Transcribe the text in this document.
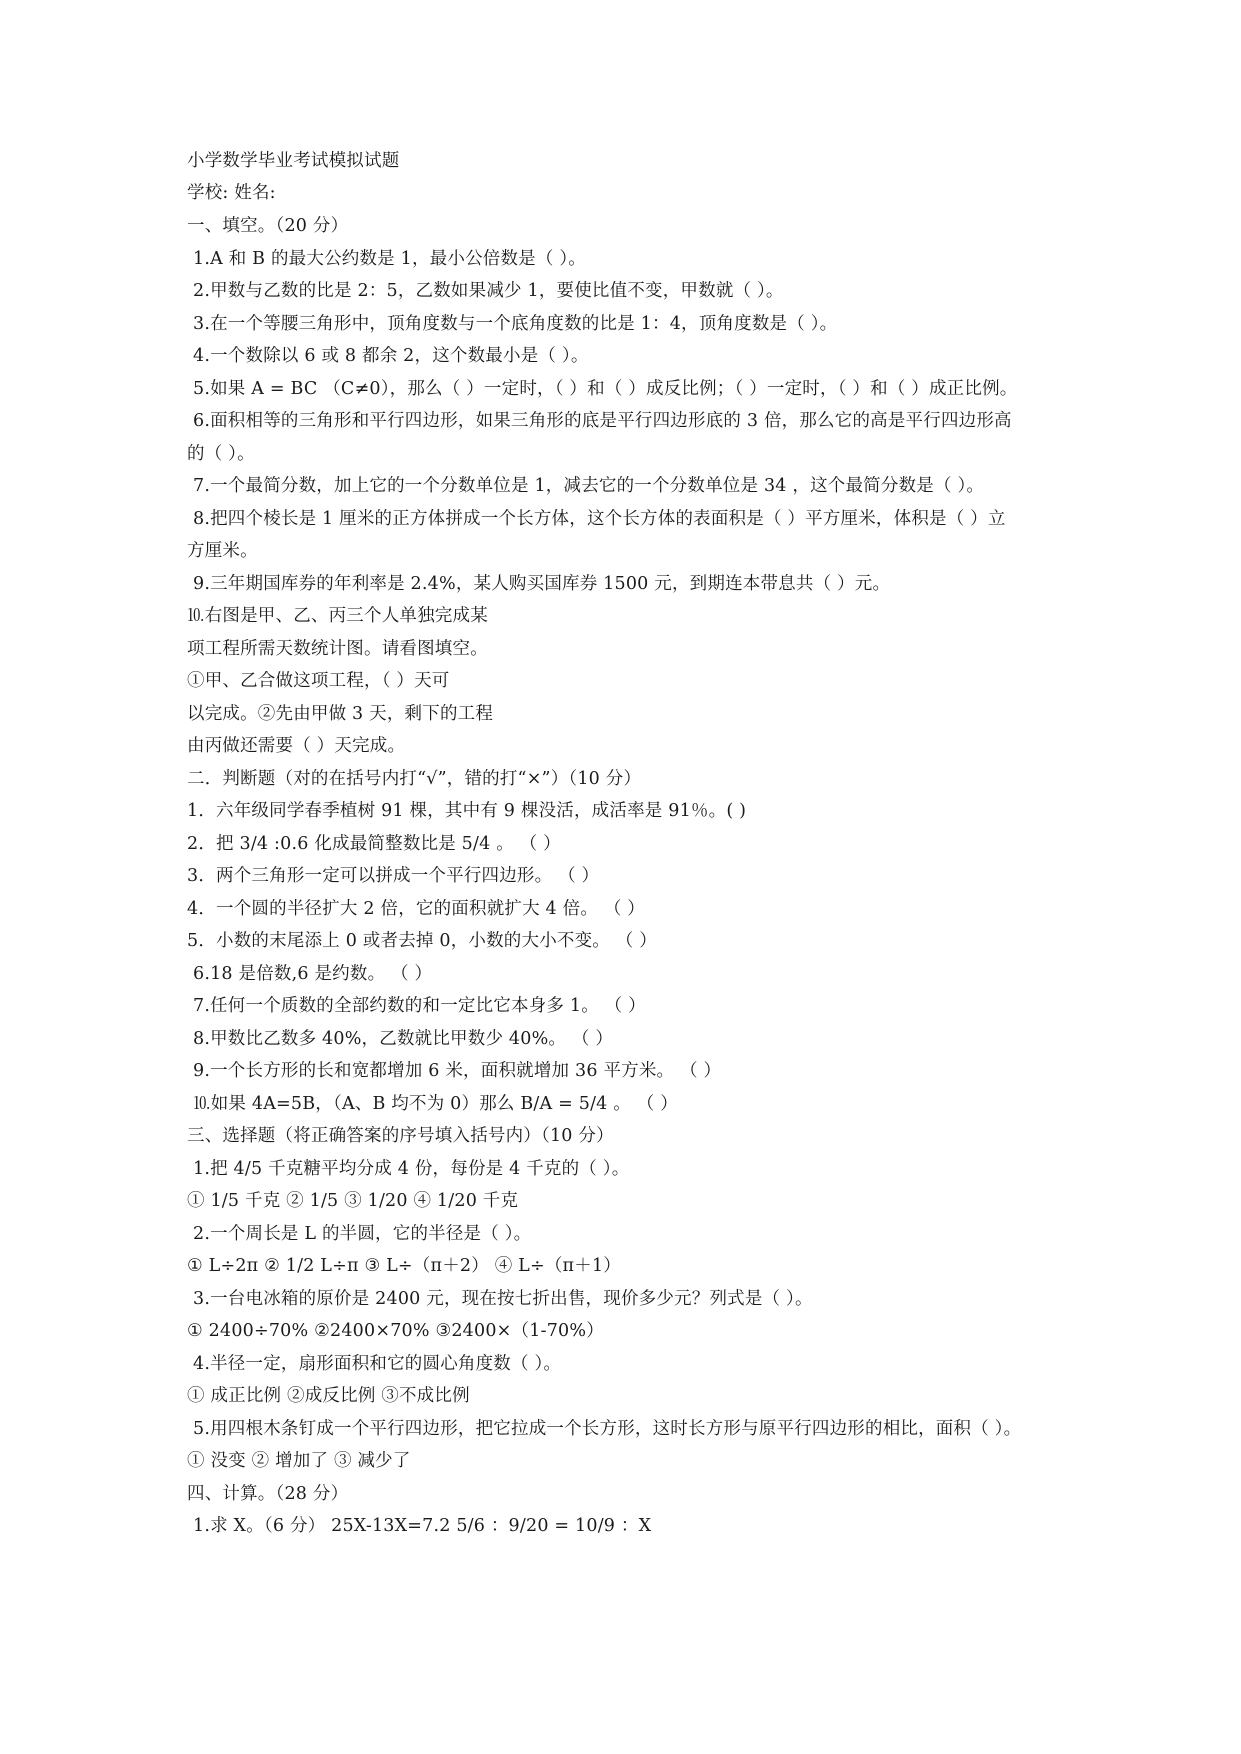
小学数学毕业考试模拟试题
学校: 姓名:
一、填空。（20 分）
1.A 和 B 的最大公约数是 1，最小公倍数是（ ）。
2.甲数与乙数的比是 2：5，乙数如果减少 1，要使比值不变，甲数就（ ）。
3.在一个等腰三角形中，顶角度数与一个底角度数的比是 1：4，顶角度数是（ ）。
4.一个数除以 6 或 8 都余 2，这个数最小是（ ）。
5.如果 A = BC （C≠0），那么（ ）一定时，（ ）和（ ）成反比例；（ ）一定时，（ ）和（ ）成正比例。
6.面积相等的三角形和平行四边形，如果三角形的底是平行四边形底的 3 倍，那么它的高是平行四边形高
的（ ）。
7.一个最简分数，加上它的一个分数单位是 1，减去它的一个分数单位是 34 ，这个最简分数是（ ）。
8.把四个棱长是 1 厘米的正方体拼成一个长方体，这个长方体的表面积是（ ）平方厘米，体积是（ ）立
方厘米。
9.三年期国库券的年利率是 2.4%，某人购买国库券 1500 元，到期连本带息共（ ）元。
⒑右图是甲、乙、丙三个人单独完成某
项工程所需天数统计图。请看图填空。
①甲、乙合做这项工程，（ ）天可
以完成。②先由甲做 3 天，剩下的工程
由丙做还需要（ ）天完成。
二．判断题（对的在括号内打“√”，错的打“×”）（10 分）
1．六年级同学春季植树 91 棵，其中有 9 棵没活，成活率是 91％。( )
2．把 3/4 :0.6 化成最简整数比是 5/4 。 （ ）
3．两个三角形一定可以拼成一个平行四边形。 （ ）
4．一个圆的半径扩大 2 倍，它的面积就扩大 4 倍。 （ ）
5．小数的末尾添上 0 或者去掉 0，小数的大小不变。 （ ）
6.18 是倍数,6 是约数。 （ ）
7.任何一个质数的全部约数的和一定比它本身多 1。 （ ）
8.甲数比乙数多 40%，乙数就比甲数少 40%。 （ ）
9.一个长方形的长和宽都增加 6 米，面积就增加 36 平方米。 （ ）
⒑如果 4A=5B，（A、B 均不为 0）那么 B/A = 5/4 。 （ ）
三、选择题（将正确答案的序号填入括号内）（10 分）
1.把 4/5 千克糖平均分成 4 份，每份是 4 千克的（ ）。
① 1/5 千克 ② 1/5 ③ 1/20 ④ 1/20 千克
2.一个周长是 L 的半圆，它的半径是（ ）。
① L÷2π ② 1/2 L÷π ③ L÷（π＋2） ④ L÷（π＋1）
3.一台电冰箱的原价是 2400 元，现在按七折出售，现价多少元？列式是（ ）。
① 2400÷70% ②2400×70% ③2400×（1-70%）
4.半径一定，扇形面积和它的圆心角度数（ ）。
① 成正比例 ②成反比例 ③不成比例
5.用四根木条钉成一个平行四边形，把它拉成一个长方形，这时长方形与原平行四边形的相比，面积（ ）。
① 没变 ② 增加了 ③ 减少了
四、计算。（28 分）
1.求 X。（6 分） 25X-13X=7.2 5/6 ：9/20 = 10/9 ：X
